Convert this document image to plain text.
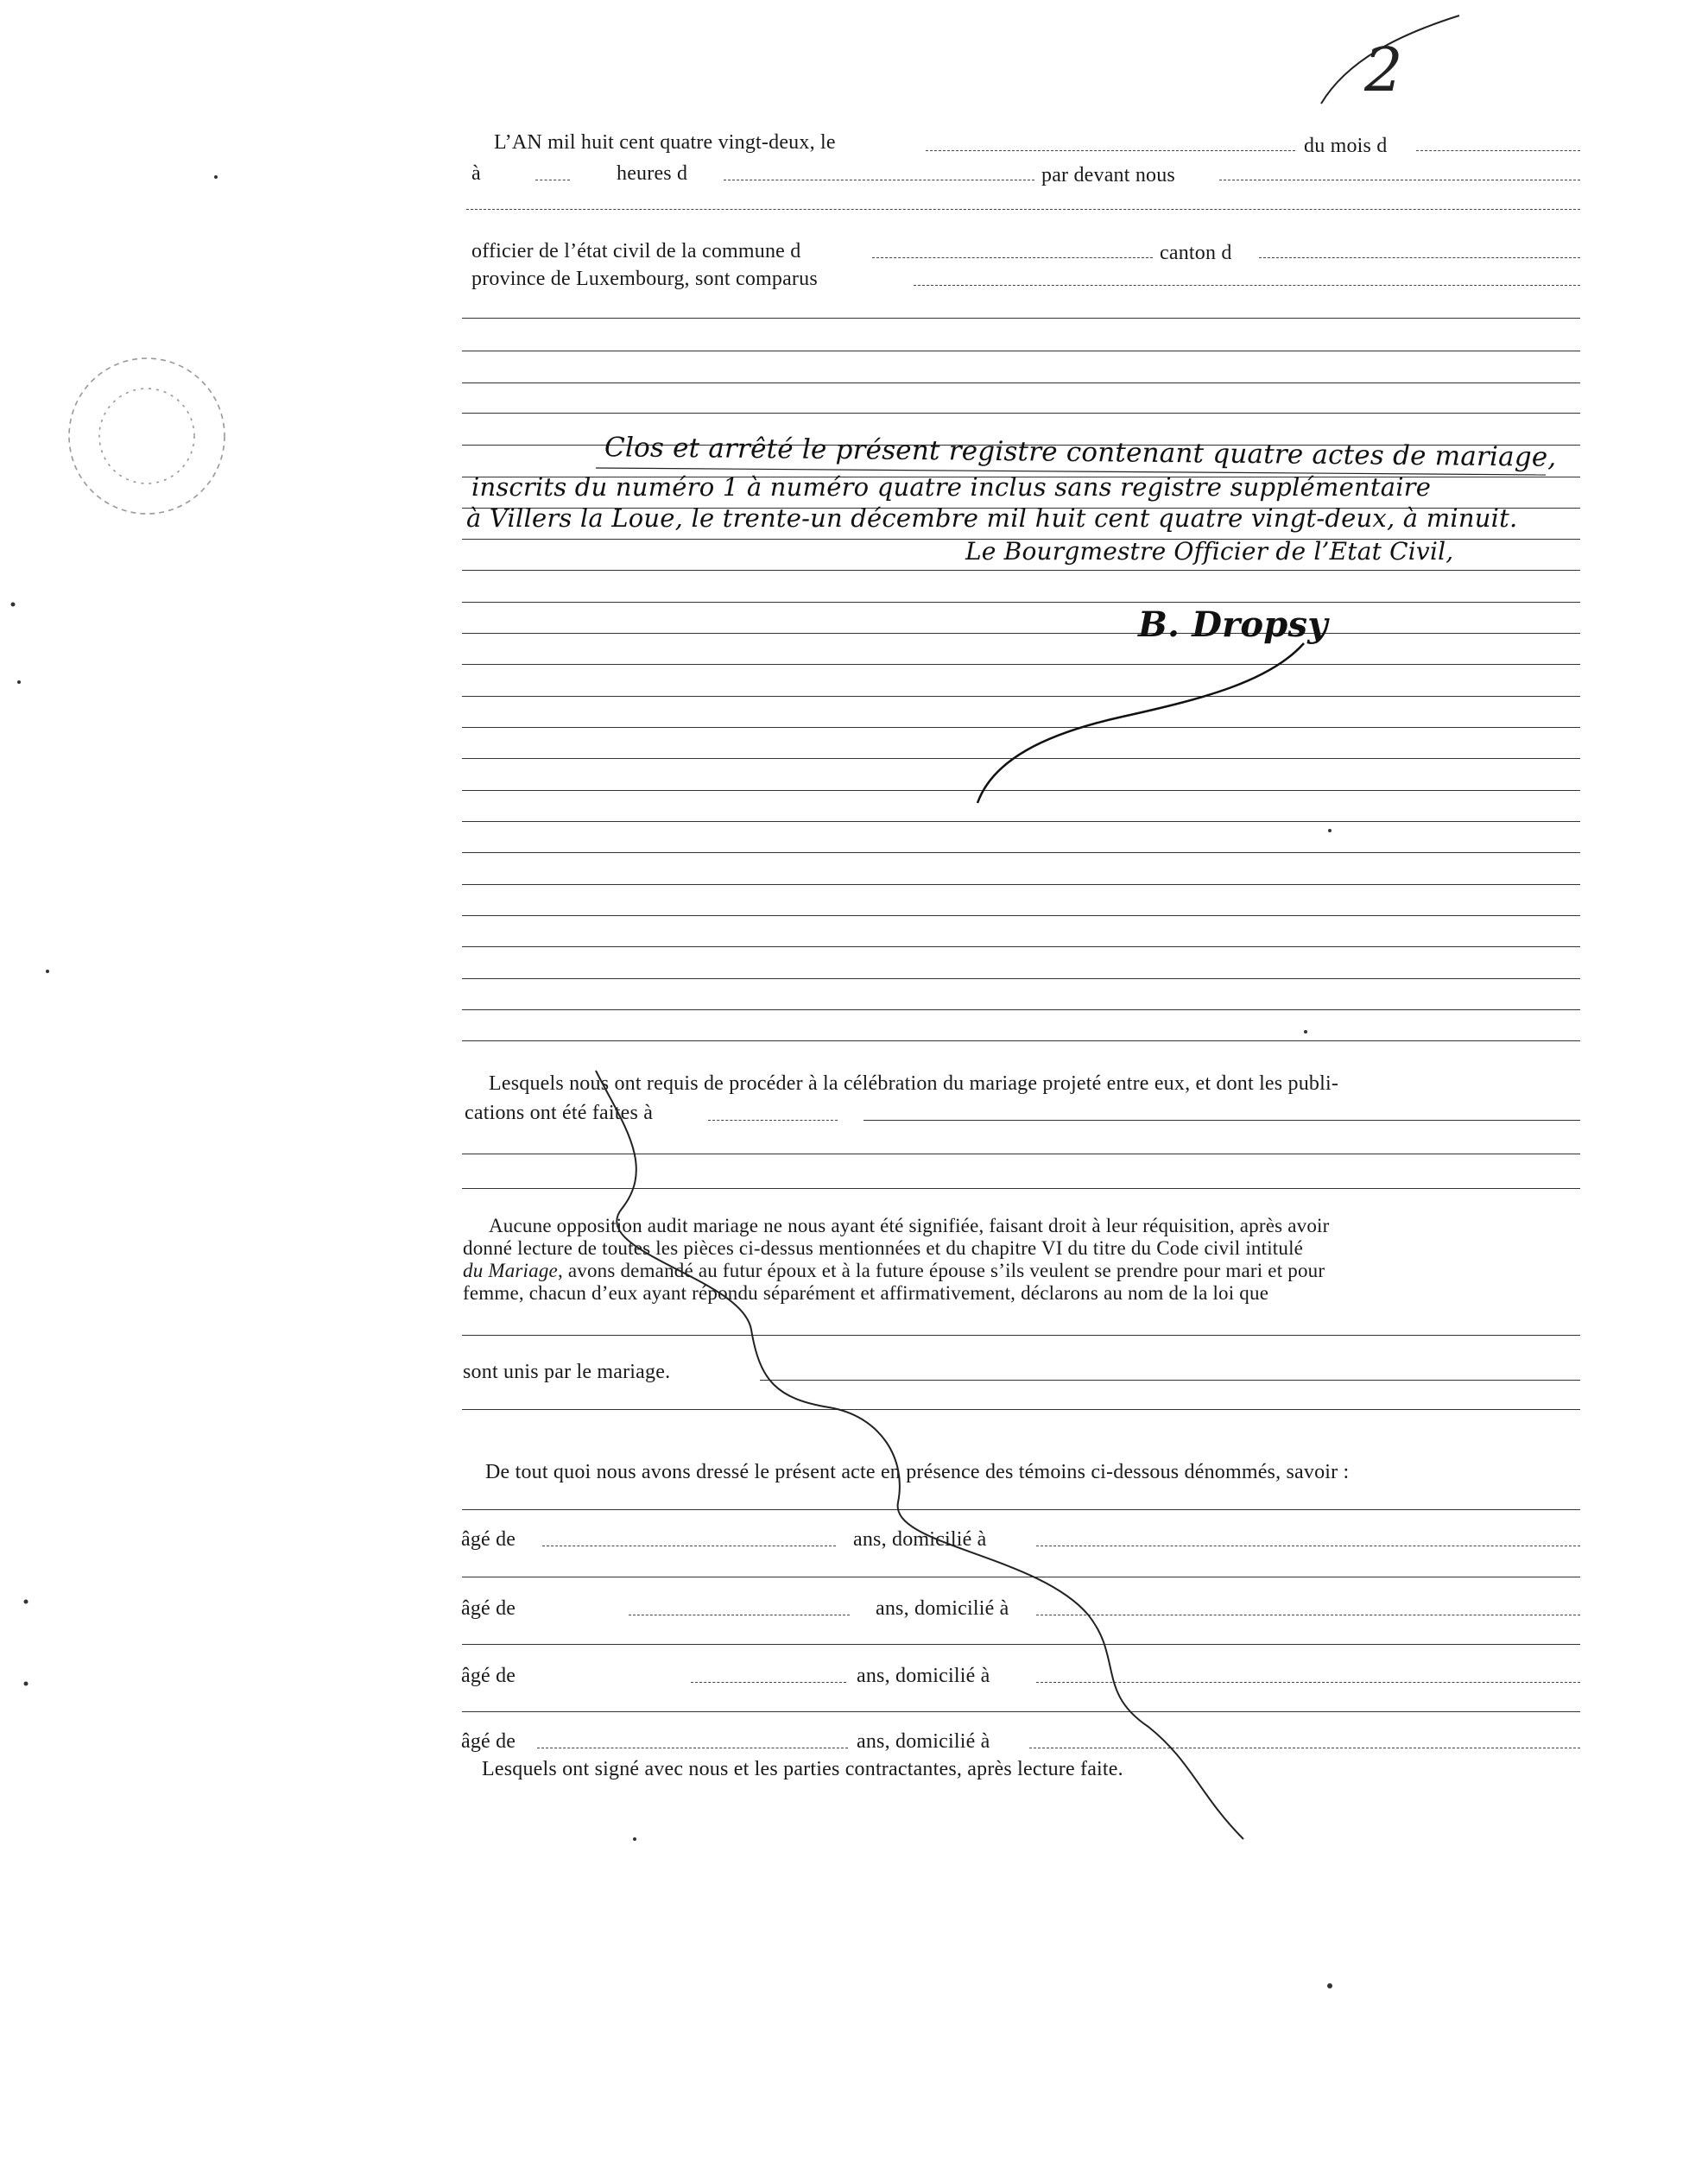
L’AN mil huit cent quatre vingt-deux, le	du mois d
à	heures d	par devant nous
officier de l’état civil de la commune d	canton d
province de Luxembourg, sont comparus
Clos et arrêté le présent registre contenant quatre actes de mariage,
inscrits du numéro 1 à numéro quatre inclus sans registre supplémentaire
à Villers la Loue, le trente-un décembre mil huit cent quatre vingt-deux, à minuit.
Le Bourgmestre Officier de l’Etat Civil,
B. Dropsy
2
Lesquels nous ont requis de procéder à la célébration du mariage projeté entre eux, et dont les publi-
cations ont été faites à
Aucune opposition audit mariage ne nous ayant été signifiée, faisant droit à leur réquisition, après avoir
donné lecture de toutes les pièces ci-dessus mentionnées et du chapitre VI du titre du Code civil intitulé
du Mariage, avons demandé au futur époux et à la future épouse s’ils veulent se prendre pour mari et pour
femme, chacun d’eux ayant répondu séparément et affirmativement, déclarons au nom de la loi que
sont unis par le mariage.
De tout quoi nous avons dressé le présent acte en présence des témoins ci-dessous dénommés, savoir :
âgé de	ans, domicilié à
âgé de	ans, domicilié à
âgé de	ans, domicilié à
âgé de	ans, domicilié à
Lesquels ont signé avec nous et les parties contractantes, après lecture faite.
